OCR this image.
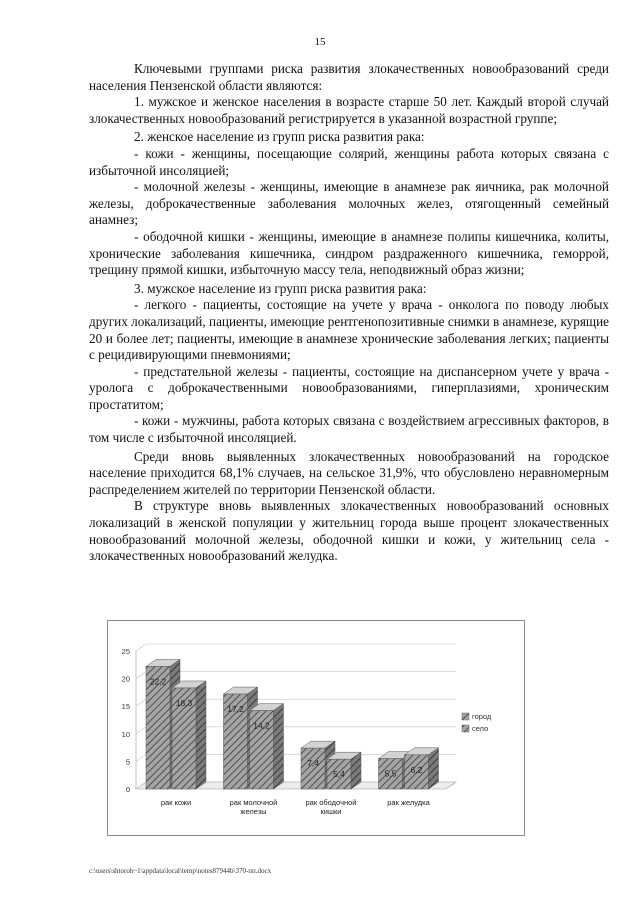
15

Ключевыми группами риска развития злокачественных новообразований среди населения Пензенской области являются:

1. мужское и женское населения в возрасте старше 50 лет. Каждый второй случай злокачественных новообразований регистрируется в указанной возрастной группе;

2. женское население из групп риска развития рака:

- кожи - женщины, посещающие солярий, женщины работа которых связана с избыточной инсоляцией;

- молочной железы - женщины, имеющие в анамнезе рак яичника, рак молочной железы, доброкачественные заболевания молочных желез, отягощенный семейный анамнез;

- ободочной кишки - женщины, имеющие в анамнезе полипы кишечника, колиты, хронические заболевания кишечника, синдром раздраженного кишечника, геморрой, трещину прямой кишки, избыточную массу тела, неподвижный образ жизни;

3. мужское население из групп риска развития рака:

- легкого - пациенты, состоящие на учете у врача - онколога по поводу любых других локализаций, пациенты, имеющие рентгенопозитивные снимки в анамнезе, курящие 20 и более лет; пациенты, имеющие в анамнезе хронические заболевания легких; пациенты с рецидивирующими пневмониями;

- предстательной железы - пациенты, состоящие на диспансерном учете у врача - уролога с доброкачественными новообразованиями, гиперплазиями, хроническим простатитом;

- кожи - мужчины, работа которых связана с воздействием агрессивных факторов, в том числе с избыточной инсоляцией.

Среди вновь выявленных злокачественных новообразований на городское население приходится 68,1% случаев, на сельское 31,9%, что обусловлено неравномерным распределением жителей по территории Пензенской области.

В структуре вновь выявленных злокачественных новообразований основных локализаций в женской популяции у жительниц города выше процент злокачественных новообразований молочной железы, ободочной кишки и кожи, у жительниц села - злокачественных новообразований желудка.

0
5
10
15
20
25
22,2
18,3
рак кожи
17,2
14,2
рак молочной
железы
7,4
5,4
рак ободочной
кишки
5,5 6,2
рак желудка
город
село
c:\users\shtoroh~1\appdata\local\temp\notes87944b\370-пп.docx
